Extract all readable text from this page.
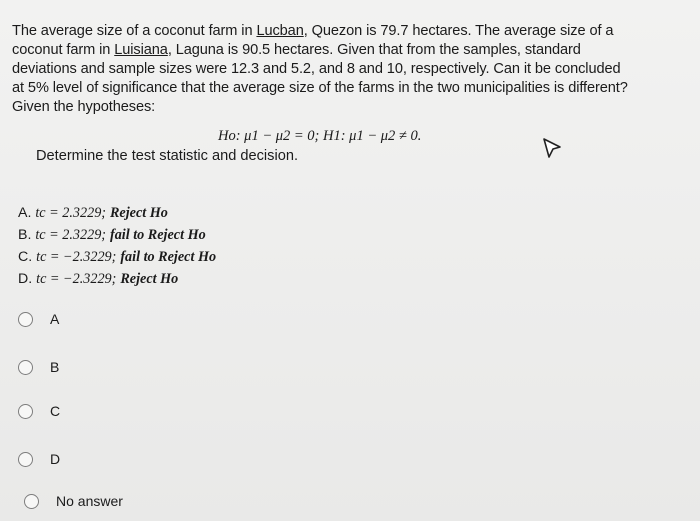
The average size of a coconut farm in Lucban, Quezon is 79.7 hectares. The average size of a
coconut farm in Luisiana, Laguna is 90.5 hectares. Given that from the samples, standard
deviations and sample sizes were 12.3 and 5.2, and 8 and 10, respectively. Can it be concluded
at 5% level of significance that the average size of the farms in the two municipalities is different?
Given the hypotheses:
Ho: μ1 − μ2 = 0; H1: μ1 − μ2 ≠ 0.
Determine the test statistic and decision.
A. tc = 2.3229; Reject Ho
B. tc = 2.3229; fail to Reject Ho
C. tc = −2.3229; fail to Reject Ho
D. tc = −2.3229; Reject Ho
A
B
C
D
No answer
